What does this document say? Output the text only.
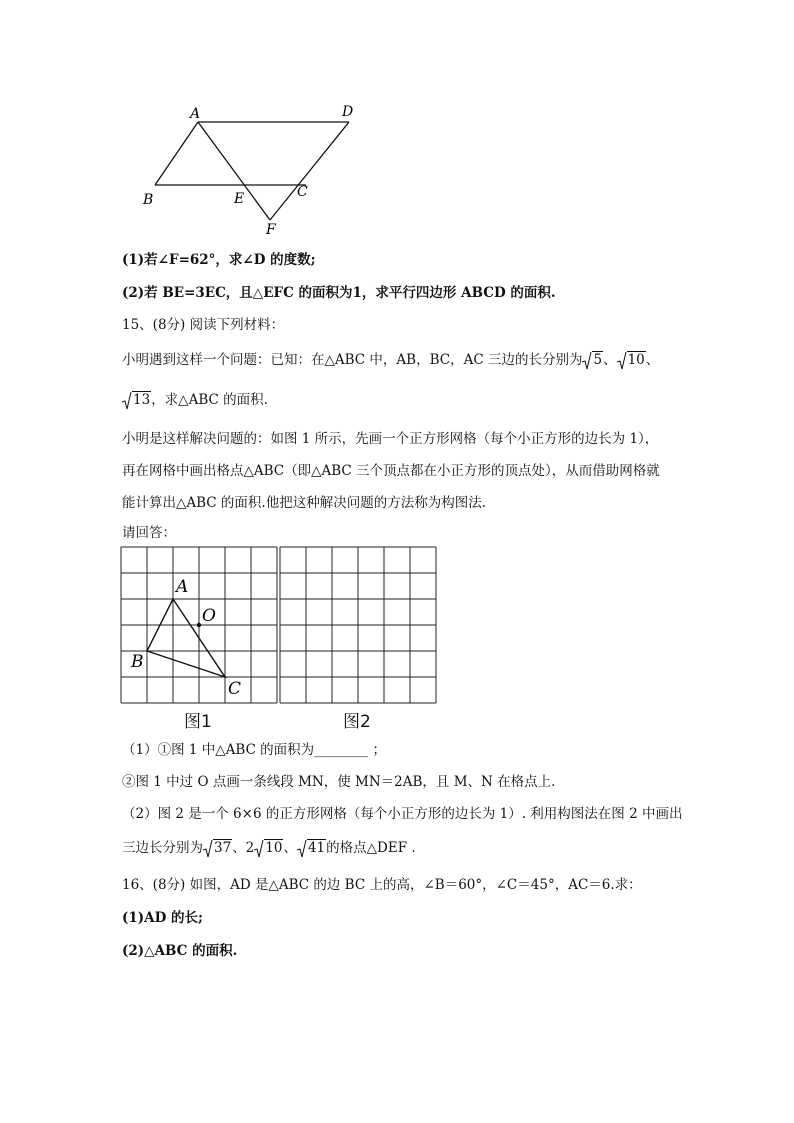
A	D
B	E	C
F
(1)若∠F=62°，求∠D 的度数;
(2)若 BE=3EC，且△EFC 的面积为1，求平行四边形 ABCD 的面积.
15、(8分) 阅读下列材料：
小明遇到这样一个问题：已知：在△ABC 中，AB，BC，AC 三边的长分别为 5、 10、
13，求△ABC 的面积.
小明是这样解决问题的：如图 1 所示，先画一个正方形网格（每个小正方形的边长为 1），
再在网格中画出格点△ABC（即△ABC 三个顶点都在小正方形的顶点处），从而借助网格就
能计算出△ABC 的面积.他把这种解决问题的方法称为构图法.
请回答：
A
O
B
C
图1	图2
（1）①图 1 中△ABC 的面积为________ ；
②图 1 中过 O 点画一条线段 MN，使 MN＝2AB，且 M、N 在格点上.
（2）图 2 是一个 6×6 的正方形网格（每个小正方形的边长为 1）. 利用构图法在图 2 中画出
三边长分别为 37、2 10、 41的格点△DEF .
16、(8分) 如图，AD 是△ABC 的边 BC 上的高，∠B＝60°，∠C＝45°，AC＝6.求：
(1)AD 的长;
(2)△ABC 的面积.
